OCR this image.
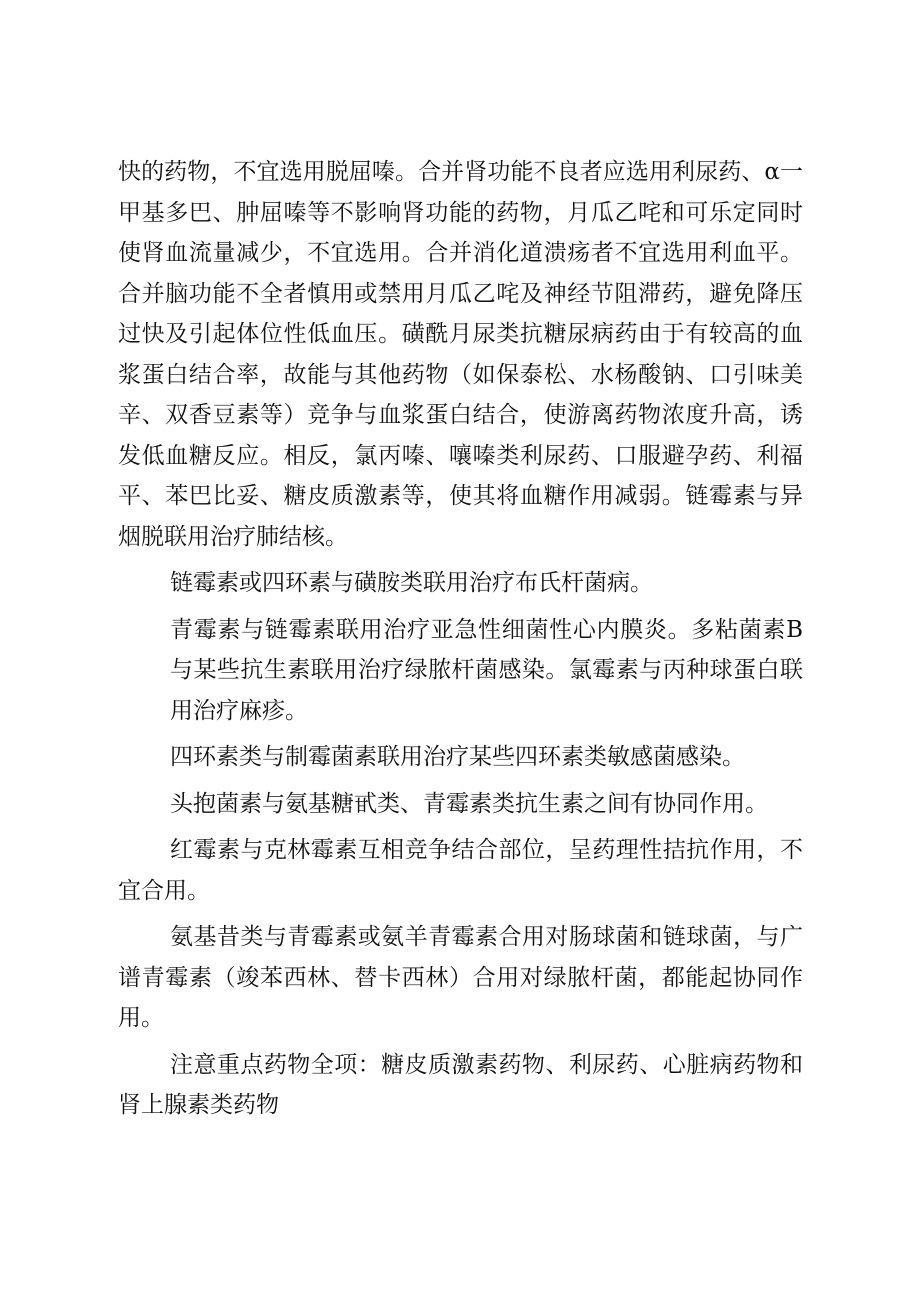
快的药物，不宜选用脱屈嗪。合并肾功能不良者应选用利尿药、α一甲基多巴、肿屈嗪等不影响肾功能的药物，月瓜乙咤和可乐定同时使肾血流量减少，不宜选用。合并消化道溃疡者不宜选用利血平。合并脑功能不全者慎用或禁用月瓜乙咤及神经节阻滞药，避免降压过快及引起体位性低血压。磺酰月尿类抗糖尿病药由于有较高的血浆蛋白结合率，故能与其他药物（如保泰松、水杨酸钠、口引味美辛、双香豆素等）竞争与血浆蛋白结合，使游离药物浓度升高，诱发低血糖反应。相反，氯丙嗪、嚷嗪类利尿药、口服避孕药、利福平、苯巴比妥、糖皮质激素等，使其将血糖作用减弱。链霉素与异烟脱联用治疗肺结核。

链霉素或四环素与磺胺类联用治疗布氏杆菌病。

青霉素与链霉素联用治疗亚急性细菌性心内膜炎。多粘菌素B与某些抗生素联用治疗绿脓杆菌感染。氯霉素与丙种球蛋白联用治疗麻疹。

四环素类与制霉菌素联用治疗某些四环素类敏感菌感染。

头抱菌素与氨基糖甙类、青霉素类抗生素之间有协同作用。

红霉素与克林霉素互相竞争结合部位，呈药理性拮抗作用，不宜合用。

氨基昔类与青霉素或氨羊青霉素合用对肠球菌和链球菌，与广谱青霉素（竣苯西林、替卡西林）合用对绿脓杆菌，都能起协同作用。

注意重点药物全项：糖皮质激素药物、利尿药、心脏病药物和肾上腺素类药物
